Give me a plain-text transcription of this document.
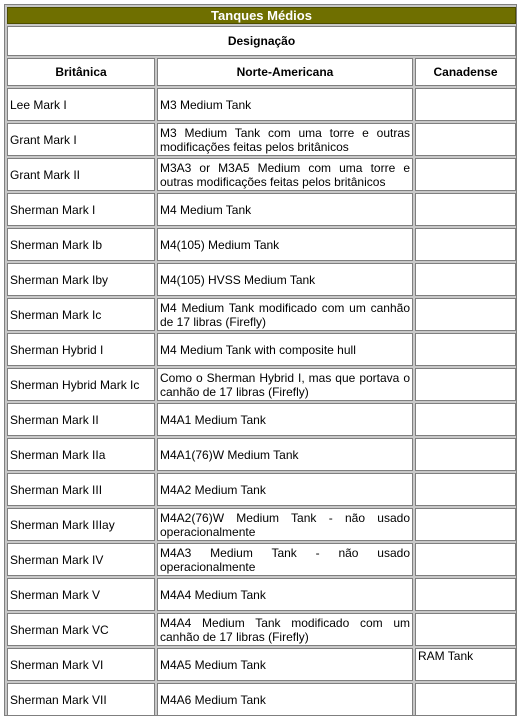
Tanques Médios		
Designação		
Britânica	Norte-Americana	Canadense
Lee Mark I	M3 Medium Tank	
Grant Mark I	M3 Medium Tank com uma torre e outras modificações feitas pelos britânicos	
Grant Mark II	M3A3 or M3A5 Medium com uma torre e outras modificações feitas pelos britânicos	
Sherman Mark I	M4 Medium Tank	
Sherman Mark Ib	M4(105) Medium Tank	
Sherman Mark Iby	M4(105) HVSS Medium Tank	
Sherman Mark Ic	M4 Medium Tank modificado com um canhão de 17 libras (Firefly)	
Sherman Hybrid I	M4 Medium Tank with composite hull	
Sherman Hybrid Mark Ic	Como o Sherman Hybrid I, mas que portava o canhão de 17 libras (Firefly)	
Sherman Mark II	M4A1 Medium Tank	
Sherman Mark IIa	M4A1(76)W Medium Tank	
Sherman Mark III	M4A2 Medium Tank	
Sherman Mark IIIay	M4A2(76)W Medium Tank - não usado operacionalmente	
Sherman Mark IV	M4A3 Medium Tank - não usado operacionalmente	
Sherman Mark V	M4A4 Medium Tank	
Sherman Mark VC	M4A4 Medium Tank modificado com um canhão de 17 libras (Firefly)	
Sherman Mark VI	M4A5 Medium Tank	RAM Tank
Sherman Mark VII	M4A6 Medium Tank	
